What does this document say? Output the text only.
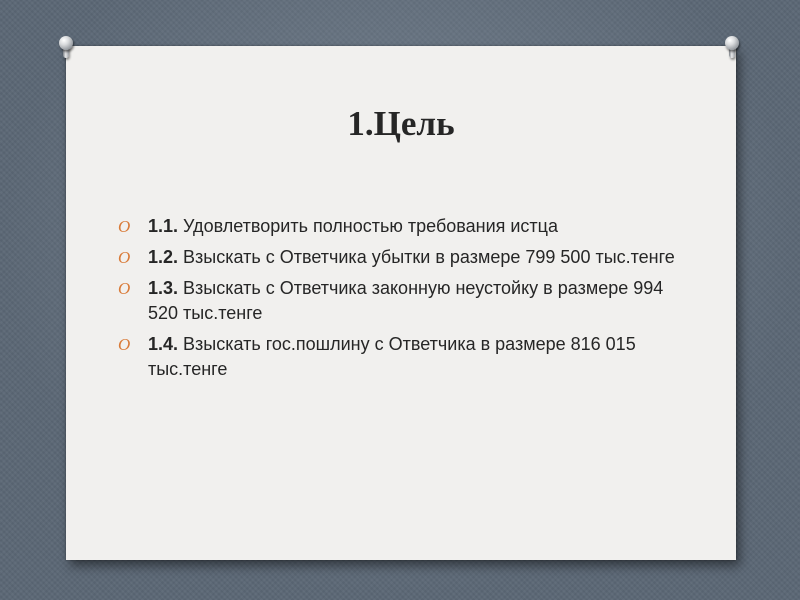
1.Цель
O 1.1. Удовлетворить полностью требования истца
O 1.2. Взыскать с Ответчика убытки в размере 799 500 тыс.тенге
O 1.3. Взыскать с Ответчика законную неустойку в размере 994 520 тыс.тенге
O 1.4. Взыскать гос.пошлину с Ответчика в размере 816 015 тыс.тенге
